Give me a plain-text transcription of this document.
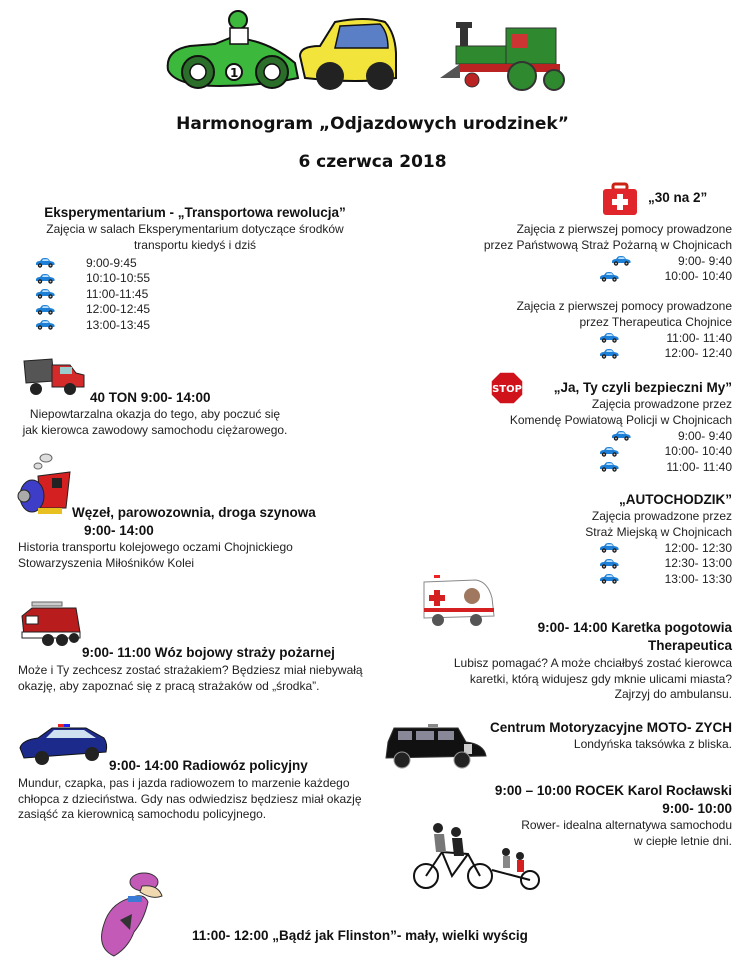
1
Harmonogram „Odjazdowych urodzinek”
6 czerwca 2018
Eksperymentarium - „Transportowa rewolucja”
Zajęcia w salach Eksperymentarium dotyczące środków
transportu kiedyś i dziś
9:00-9:45
10:10-10:55
11:00-11:45
12:00-12:45
13:00-13:45
40 TON 9:00- 14:00
Niepowtarzalna okazja do tego, aby poczuć się
jak kierowca zawodowy samochodu ciężarowego.
Węzeł, parowozownia, droga szynowa
9:00- 14:00
Historia transportu kolejowego oczami Chojnickiego
Stowarzyszenia Miłośników Kolei
9:00- 11:00 Wóz bojowy straży pożarnej
Może i Ty zechcesz zostać strażakiem? Będziesz miał niebywałą
okazję, aby zapoznać się z pracą strażaków od „środka”.
9:00- 14:00 Radiowóz policyjny
Mundur, czapka, pas i jazda radiowozem to marzenie każdego
chłopca z dzieciństwa. Gdy nas odwiedzisz będziesz miał okazję
zasiąść za kierownicą samochodu policyjnego.
„30 na 2”
Zajęcia z pierwszej pomocy prowadzone
przez Państwową Straż Pożarną w Chojnicach
9:00- 9:40
10:00- 10:40
Zajęcia z pierwszej pomocy prowadzone
przez Therapeutica Chojnice
11:00- 11:40
12:00- 12:40
STOP	„Ja, Ty czyli bezpieczni My”
Zajęcia prowadzone przez
Komendę Powiatową Policji w Chojnicach
9:00- 9:40
10:00- 10:40
11:00- 11:40
„AUTOCHODZIK”
Zajęcia prowadzone przez
Straż Miejską w Chojnicach
12:00- 12:30
12:30- 13:00
13:00- 13:30
9:00- 14:00 Karetka pogotowia
Therapeutica
Lubisz pomagać? A może chciałbyś zostać kierowca
karetki, którą widujesz gdy mknie ulicami miasta?
Zajrzyj do ambulansu.
Centrum Motoryzacyjne MOTO- ZYCH
Londyńska taksówka z bliska.
9:00 – 10:00 ROCEK Karol Rocławski
9:00- 10:00
Rower- idealna alternatywa samochodu
w ciepłe letnie dni.
11:00- 12:00 „Bądź jak Flinston”- mały, wielki wyścig
